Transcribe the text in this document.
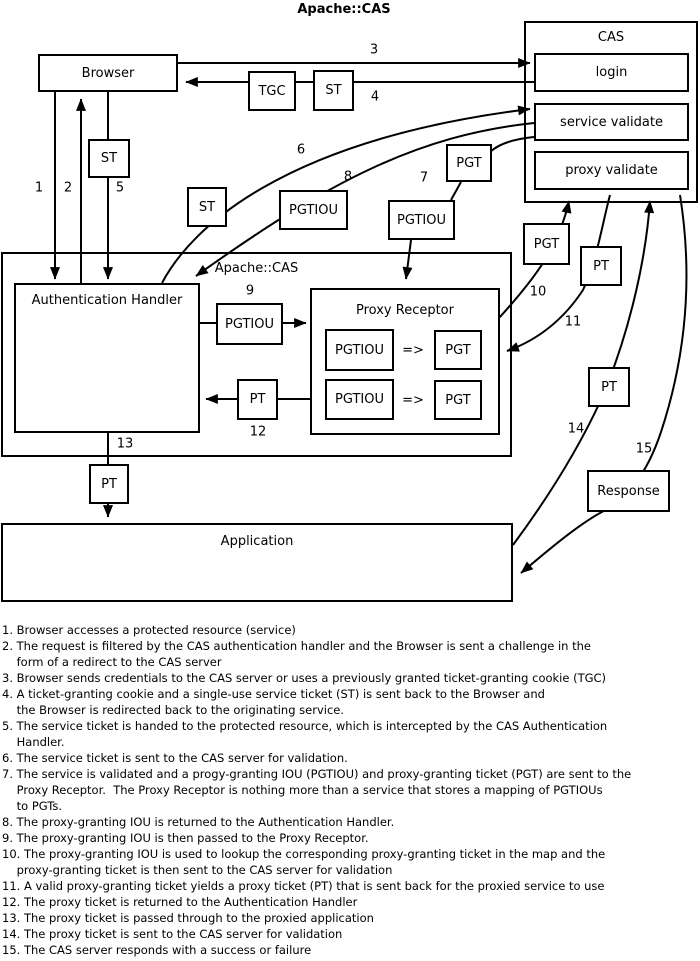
Apache::CAS
Browser
CAS
login
service validate
proxy validate
TGC	ST
ST
ST	PGTIOU
PGTIOU
PGT
Apache::CAS
Authentication Handler
PGTIOU
PT
Proxy Receptor
PGTIOU => PGT
PGTIOU => PGT
PGT
PT
PT
Response
PT
Application
1 2
3
4
5
6
7
8
9	10
11
12
13
14
15
1. Browser accesses a protected resource (service)
2. The request is filtered by the CAS authentication handler and the Browser is sent a challenge in the
form of a redirect to the CAS server
3. Browser sends credentials to the CAS server or uses a previously granted ticket-granting cookie (TGC)
4. A ticket-granting cookie and a single-use service ticket (ST) is sent back to the Browser and
the Browser is redirected back to the originating service.
5. The service ticket is handed to the protected resource, which is intercepted by the CAS Authentication
Handler.
6. The service ticket is sent to the CAS server for validation.
7. The service is validated and a progy-granting IOU (PGTIOU) and proxy-granting ticket (PGT) are sent to the
Proxy Receptor.  The Proxy Receptor is nothing more than a service that stores a mapping of PGTIOUs
to PGTs.
8. The proxy-granting IOU is returned to the Authentication Handler.
9. The proxy-granting IOU is then passed to the Proxy Receptor.
10. The proxy-granting IOU is used to lookup the corresponding proxy-granting ticket in the map and the
proxy-granting ticket is then sent to the CAS server for validation
11. A valid proxy-granting ticket yields a proxy ticket (PT) that is sent back for the proxied service to use
12. The proxy ticket is returned to the Authentication Handler
13. The proxy ticket is passed through to the proxied application
14. The proxy ticket is sent to the CAS server for validation
15. The CAS server responds with a success or failure
